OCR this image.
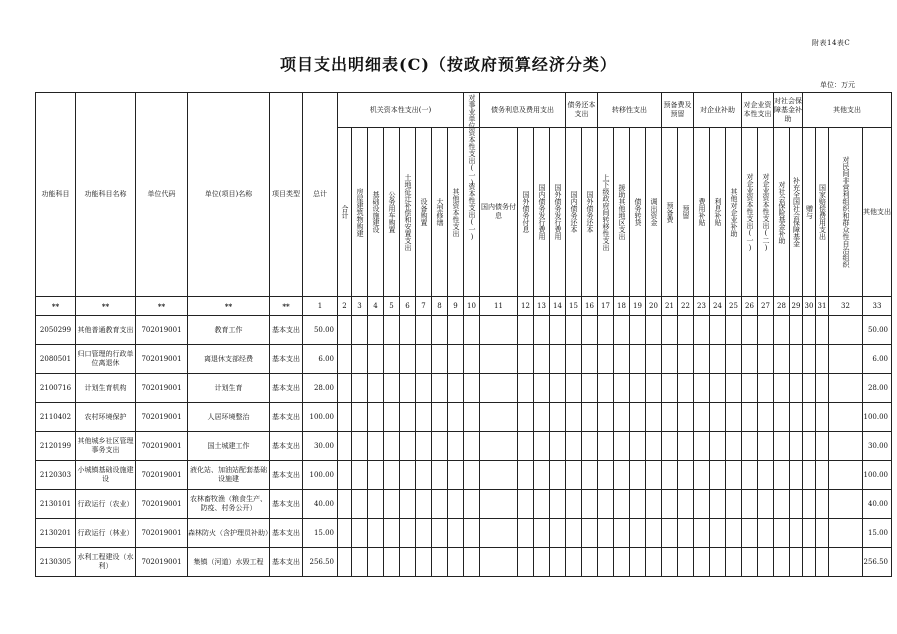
附表14表C
项目支出明细表(C)（按政府预算经济分类）
单位：万元
功能科目	功能科目名称	单位代码	单位(项目)名称	项目类型	总计	机关资本性支出(一)								对事业单位资本性支出(一)	债务利息及费用支出				债务还本支出		转移性支出				预备费及预留		对企业补助			对企业资本性支出		对社会保障基金补助		其他支出			

						合计	房屋建筑物购建	基础设施建设	公务用车购置	土地征迁补偿和安置支出	设备购置	大型修缮	其他资本性支出	资本性支出(一)	国内债务付息	国外债务付息	国内债务发行费用	国外债务发行费用	国内债务还本	国外债务还本	上下级政府间转移性支出	援助其他地区支出	债务转贷	调出资金	预备费	预留	费用补贴	利息补贴	其他对企业补助	对企业资本性支出(一)	对企业资本性支出(二)	对社会保险基金补助	补充全国社会保障基金	赠与	国家赔偿费用支出	对民间非营利组织和群众性自治组织	其他支出
**	**	**	**	**	1	2	3	4	5	6	7	8	9	10	11	12	13	14	15	16	17	18	19	20	21	22	23	24	25	26	27	28	29	30	31	32	33
2050299	其他普通教育支出	702019001	教育工作	基本支出	50.00																																50.00
2080501	归口管理的行政单位离退休	702019001	离退休支部经费	基本支出	6.00																																6.00
2100716	计划生育机构	702019001	计划生育	基本支出	28.00																																28.00
2110402	农村环境保护	702019001	人居环境整治	基本支出	100.00																																100.00
2120199	其他城乡社区管理事务支出	702019001	国土城建工作	基本支出	30.00																																30.00
2120303	小城镇基础设施建设	702019001	液化站、加油站配套基础设施建	基本支出	100.00																																100.00
2130101	行政运行（农业）	702019001	农林畜牧渔（粮食生产、防疫、村务公开）	基本支出	40.00																																40.00
2130201	行政运行（林业）	702019001	森林防火（含护理员补助）	基本支出	15.00																																15.00
2130305	水利工程建设（水利）	702019001	集镇（河道）水毁工程	基本支出	256.50																																256.50
